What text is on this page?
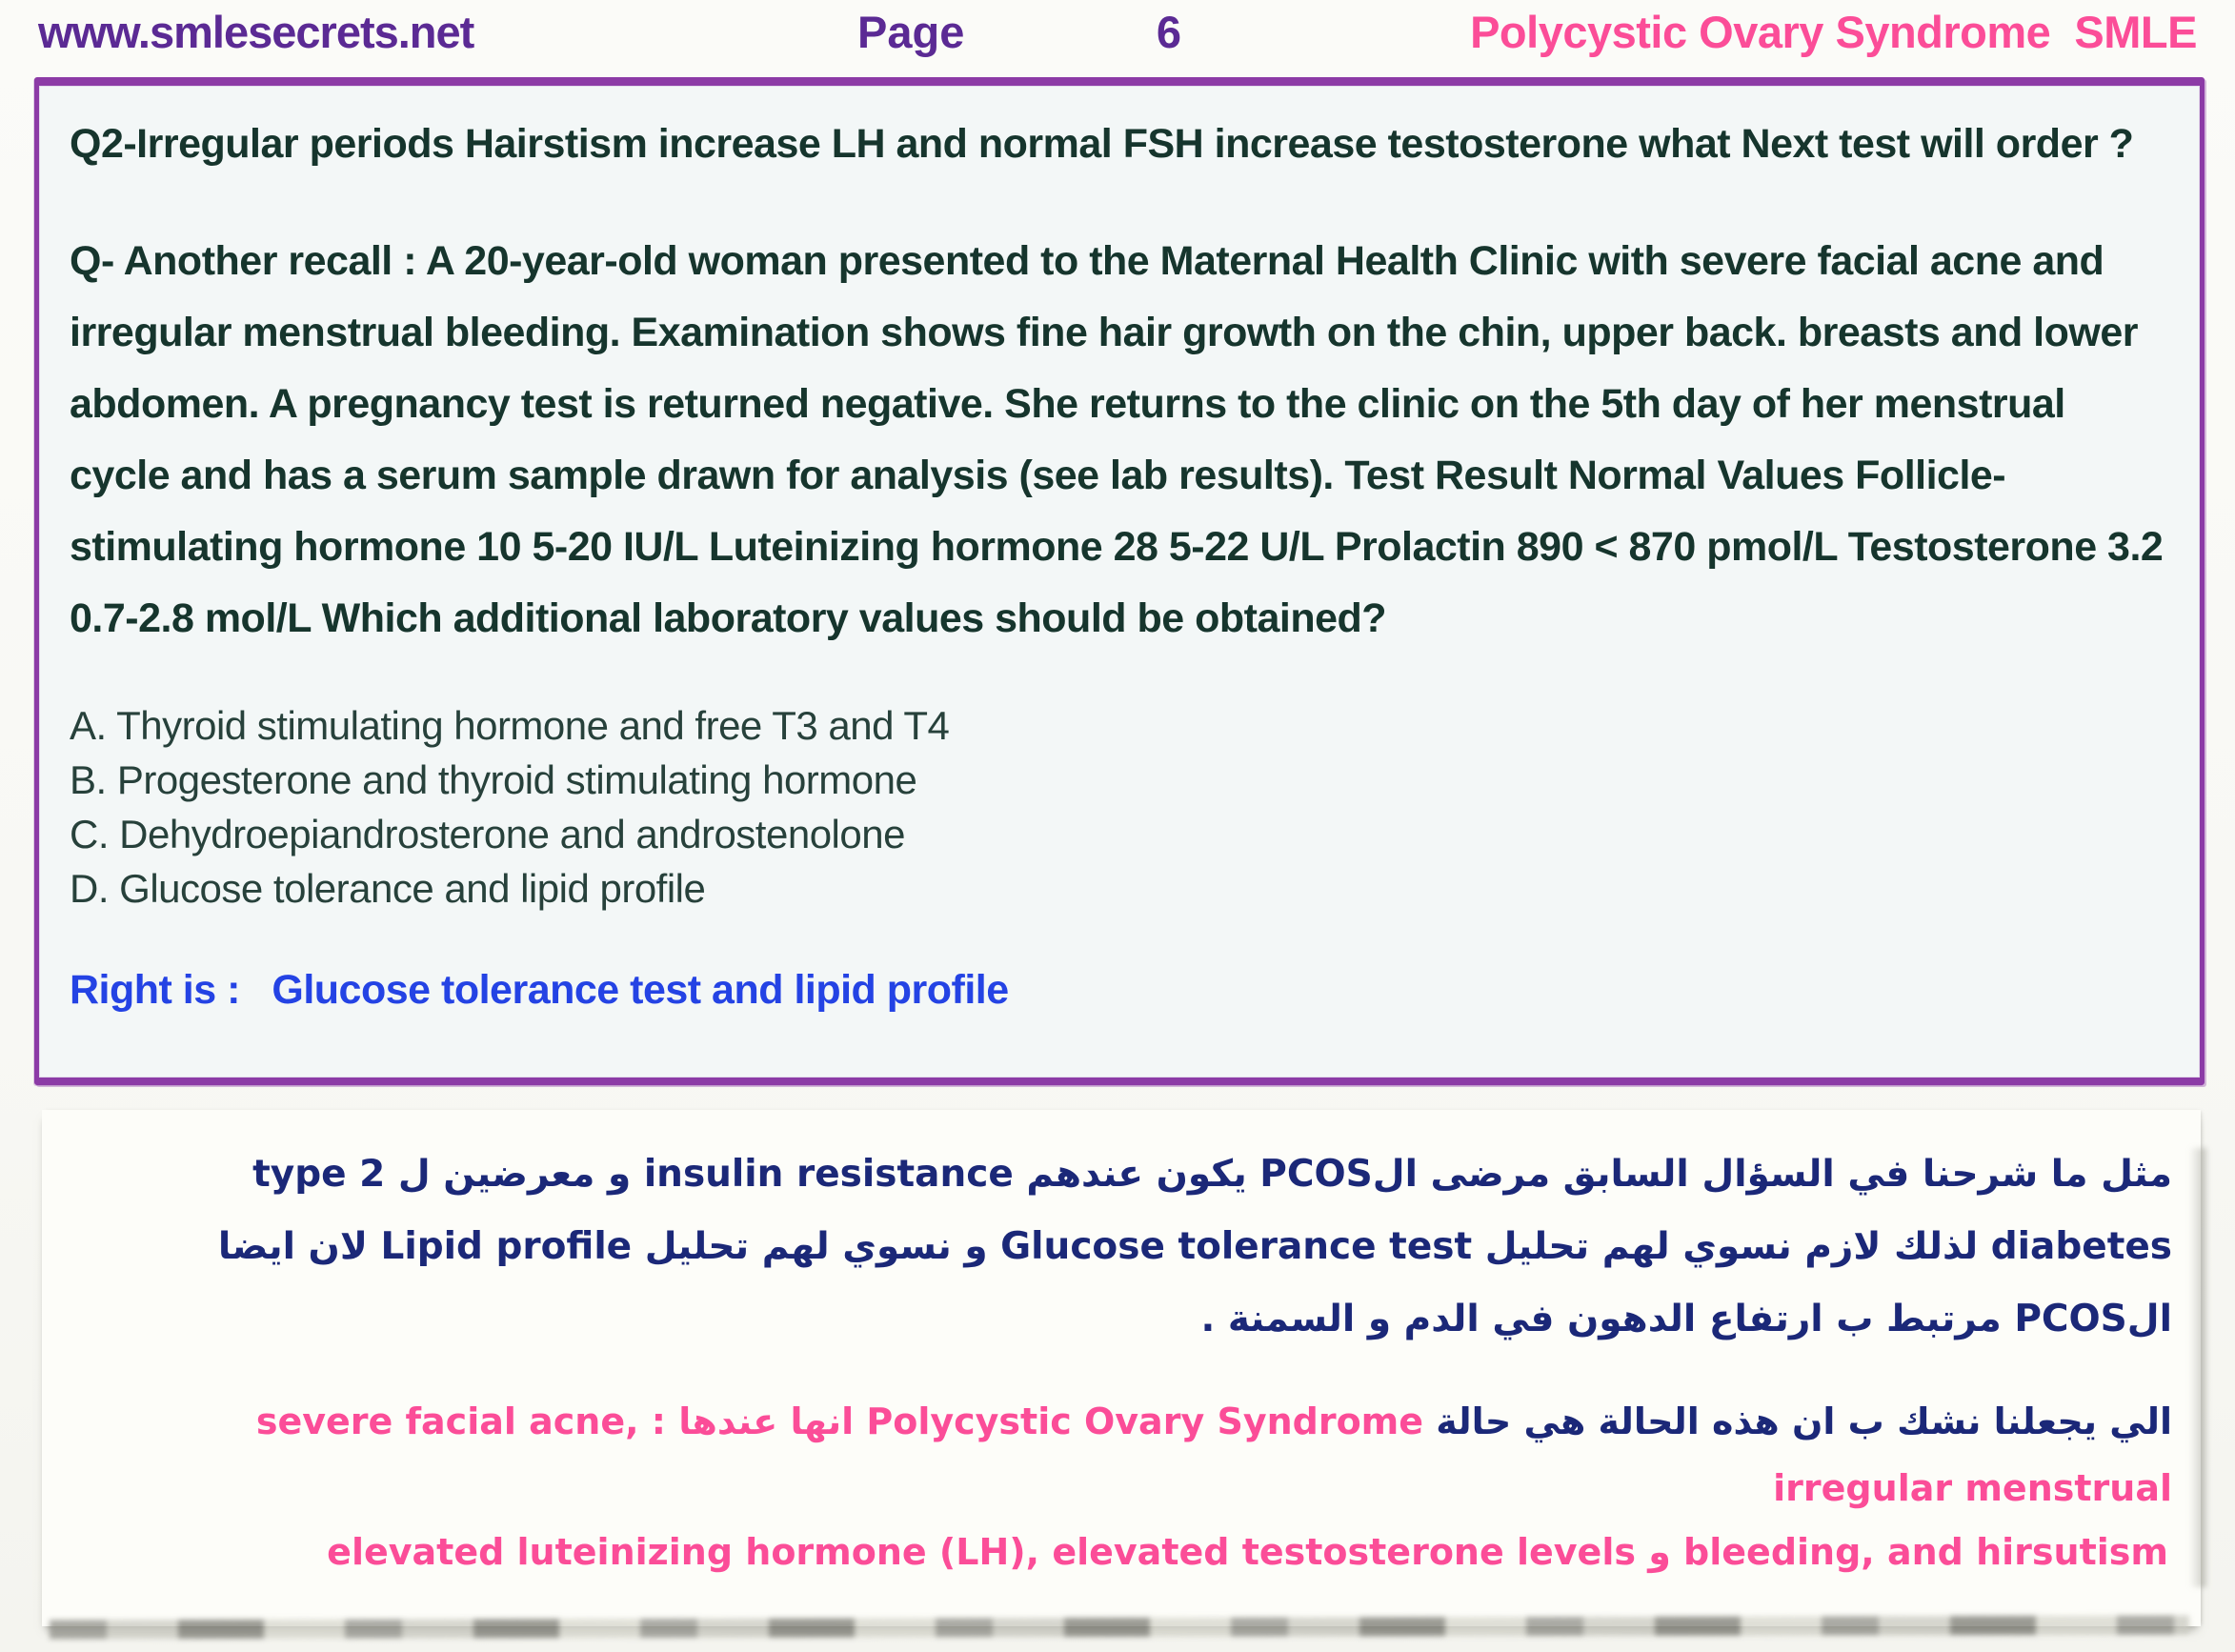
www.smlesecrets.net	Page	6	Polycystic Ovary Syndrome  SMLE

Q2-Irregular periods Hairstism increase LH and normal FSH increase testosterone what Next test will order ?

Q- Another recall : A 20-year-old woman presented to the Maternal Health Clinic with severe facial acne and irregular menstrual bleeding. Examination shows fine hair growth on the chin, upper back. breasts and lower abdomen. A pregnancy test is returned negative. She returns to the clinic on the 5th day of her menstrual cycle and has a serum sample drawn for analysis (see lab results). Test Result Normal Values Follicle-stimulating hormone 10 5-20 IU/L Luteinizing hormone 28 5-22 U/L Prolactin 890 < 870 pmol/L Testosterone 3.2 0.7-2.8 mol/L Which additional laboratory values should be obtained?

A. Thyroid stimulating hormone and free T3 and T4
B. Progesterone and thyroid stimulating hormone
C. Dehydroepiandrosterone and androstenolone
D. Glucose tolerance and lipid profile

Right is : Glucose tolerance test and lipid profile

مثل ما شرحنا في السؤال السابق مرضى الPCOS يكون عندهم insulin resistance و معرضين ل type 2 diabetes لذلك لازم نسوي لهم تحليل Glucose tolerance test و نسوي لهم تحليل Lipid profile لان ايضا الPCOS مرتبط ب ارتفاع الدهون في الدم و السمنة .

الي يجعلنا نشك ب ان هذه الحالة هي حالة Polycystic Ovary Syndrome انها عندها : severe facial acne, irregular menstrual

elevated luteinizing hormone (LH), elevated testosterone levels و bleeding, and hirsutism
